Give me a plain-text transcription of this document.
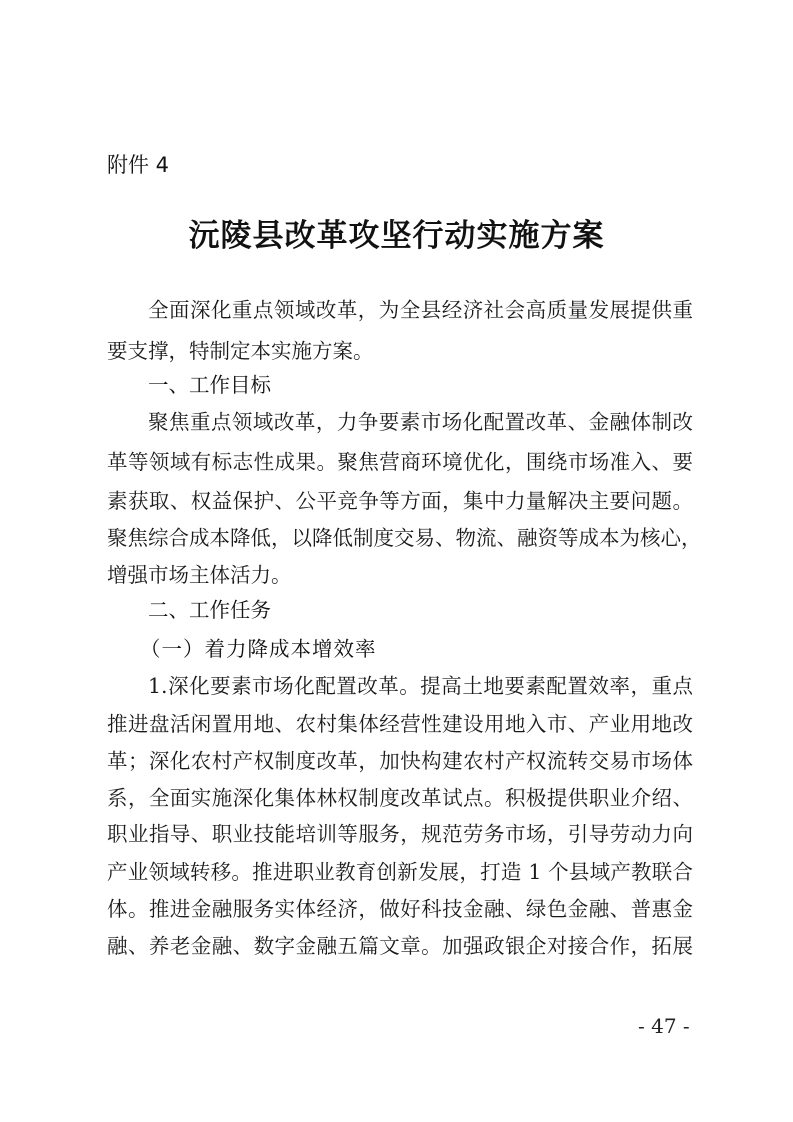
附件 4
沅陵县改革攻坚行动实施方案
全面深化重点领域改革，为全县经济社会高质量发展提供重
要支撑，特制定本实施方案。
一、工作目标
聚焦重点领域改革，力争要素市场化配置改革、金融体制改
革等领域有标志性成果。聚焦营商环境优化，围绕市场准入、要
素获取、权益保护、公平竞争等方面，集中力量解决主要问题。
聚焦综合成本降低，以降低制度交易、物流、融资等成本为核心，
增强市场主体活力。
二、工作任务
（一）着力降成本增效率
1.深化要素市场化配置改革。提高土地要素配置效率，重点
推进盘活闲置用地、农村集体经营性建设用地入市、产业用地改
革；深化农村产权制度改革，加快构建农村产权流转交易市场体
系，全面实施深化集体林权制度改革试点。积极提供职业介绍、
职业指导、职业技能培训等服务，规范劳务市场，引导劳动力向
产业领域转移。推进职业教育创新发展，打造 1 个县域产教联合
体。推进金融服务实体经济，做好科技金融、绿色金融、普惠金
融、养老金融、数字金融五篇文章。加强政银企对接合作，拓展
- 47 -
